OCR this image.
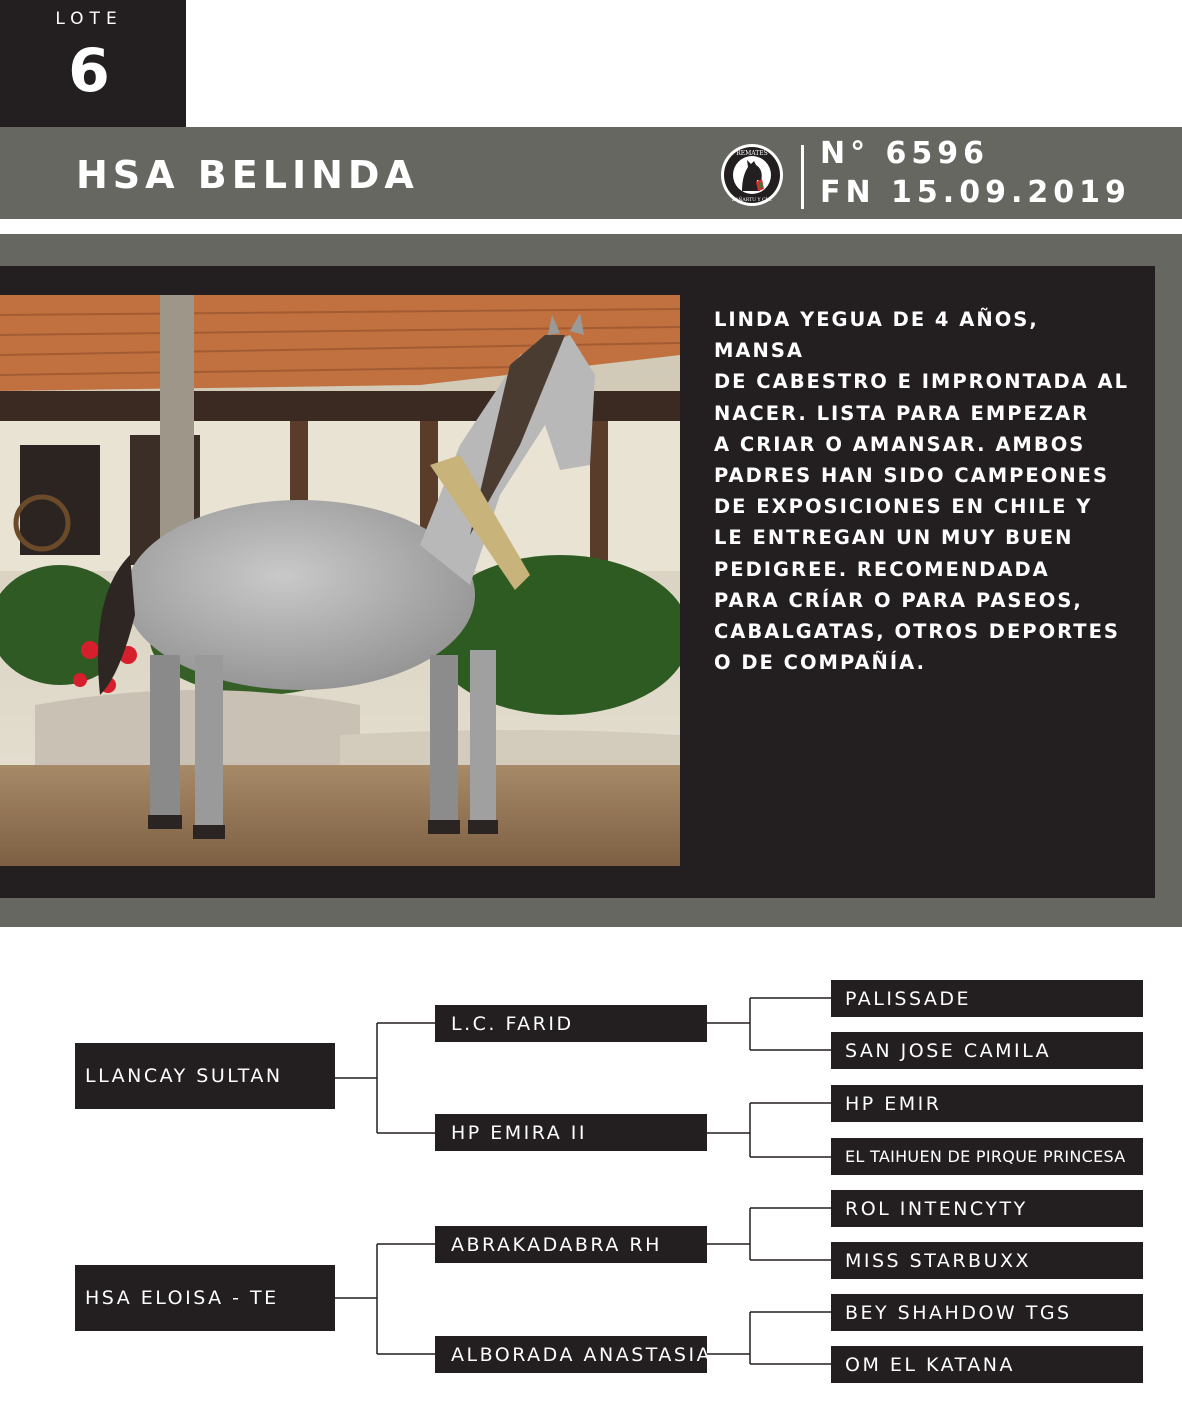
LOTE
6
HSA BELINDA	REMATES
ZAÑARTU Y CÍA.
N° 6596
FN 15.09.2019
LINDA YEGUA DE 4 AÑOS, MANSA
DE CABESTRO E IMPRONTADA AL
NACER. LISTA PARA EMPEZAR
A CRIAR O AMANSAR. AMBOS
PADRES HAN SIDO CAMPEONES
DE EXPOSICIONES EN CHILE Y
LE ENTREGAN UN MUY BUEN
PEDIGREE. RECOMENDADA
PARA CRÍAR O PARA PASEOS,
CABALGATAS, OTROS DEPORTES
O DE COMPAÑÍA.
LLANCAY SULTAN
HSA ELOISA - TE
L.C. FARID
HP EMIRA II
ABRAKADABRA RH
ALBORADA ANASTASIA
PALISSADE
SAN JOSE CAMILA
HP EMIR
EL TAIHUEN DE PIRQUE PRINCESA
ROL INTENCYTY
MISS STARBUXX
BEY SHAHDOW TGS
OM EL KATANA
